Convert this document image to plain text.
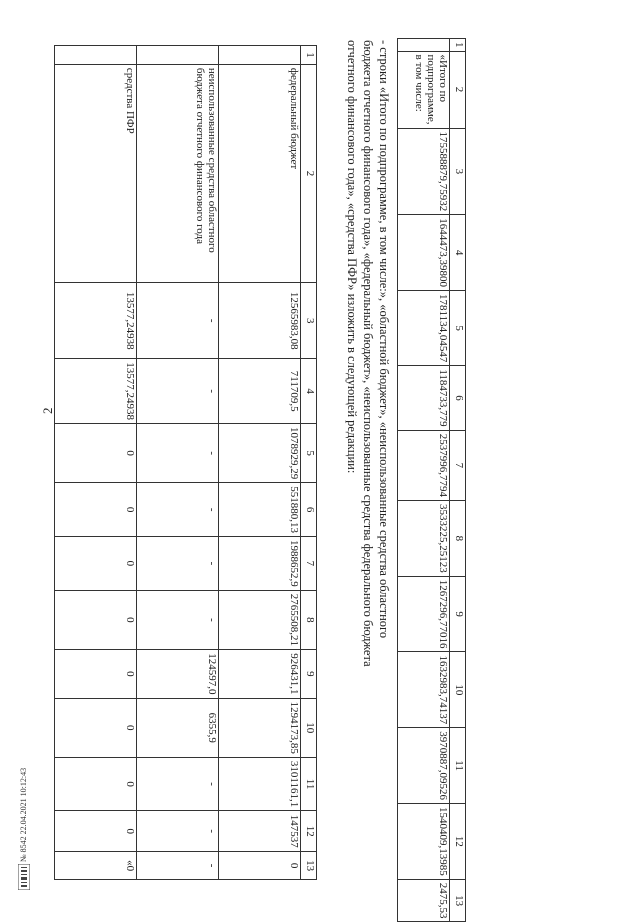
2
1	2	3	4	5	6	7	8	9	10	11	12	13
	федеральный бюджет	12565983,08	711709,5	1078929,29	551880,13	1988652,9	2765508,21	926431,1	1294173,85	3101161,1	147537	0
	неиспользованные средства областного бюджета отчетного финансового года	-	-	-	-	-	-	124597,0	6355,9	-	-	-
	средства ПФР	13577,24938	13577,24938	0	0	0	0	0	0	0	0	«0
- строки «Итого по подпрограмме, в том числе:», «областной бюджет», «неиспользованные средства областного
бюджета отчетного финансового года», «федеральный бюджет», «неиспользованные средства федерального бюджета
отчетного финансового года», «средства ПФР» изложить в следующей редакции:	1	2	3	4	5	6	7	8	9	10	11	12	13
	«Итого по подпрограмме, в том числе:	175588879,75932	1644473,39800	1781134,04547	1184733,779	2537996,7794	3533225,25123	1267296,77016	1632983,74137	3970887,09526	1540409,13985	2475,53
№ 8542 22.04.2021 10:12:43
